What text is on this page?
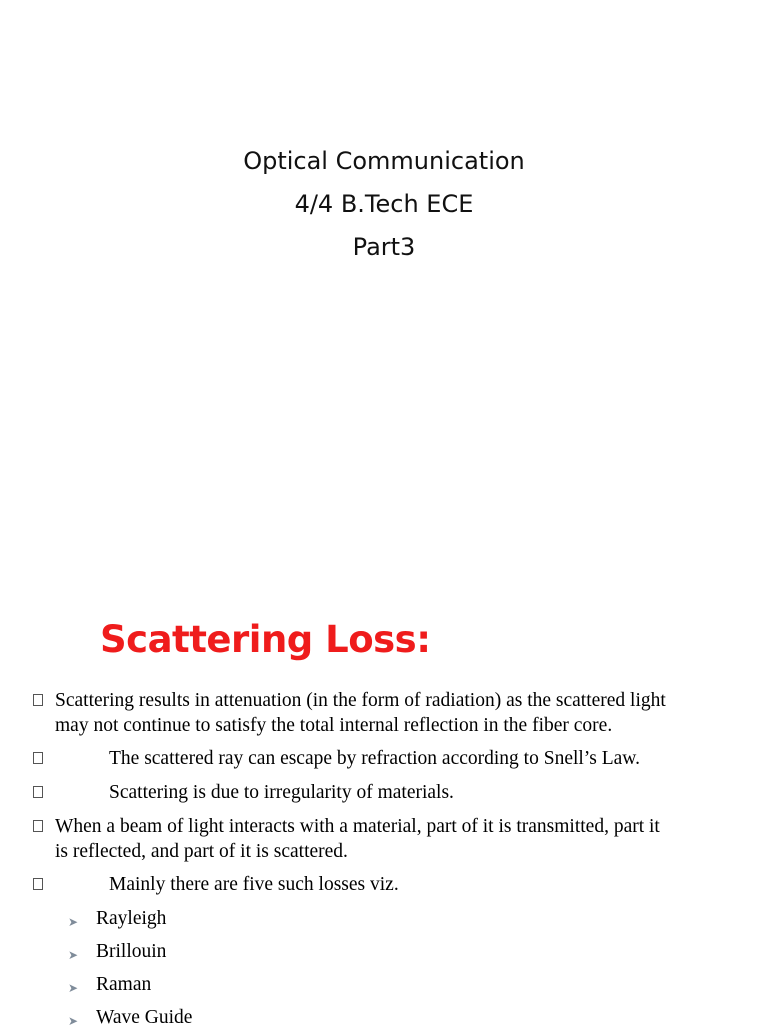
Optical Communication
4/4 B.Tech ECE
Part3
Scattering Loss:
Scattering results in attenuation (in the form of radiation) as the scattered light
may not continue to satisfy the total internal reflection in the fiber core.
The scattered ray can escape by refraction according to Snell’s Law.
Scattering is due to irregularity of materials.
When a beam of light interacts with a material, part of it is transmitted, part it
is reflected, and part of it is scattered.
Mainly there are five such losses viz.
➤ Rayleigh
➤ Brillouin
➤ Raman
➤ Wave Guide
